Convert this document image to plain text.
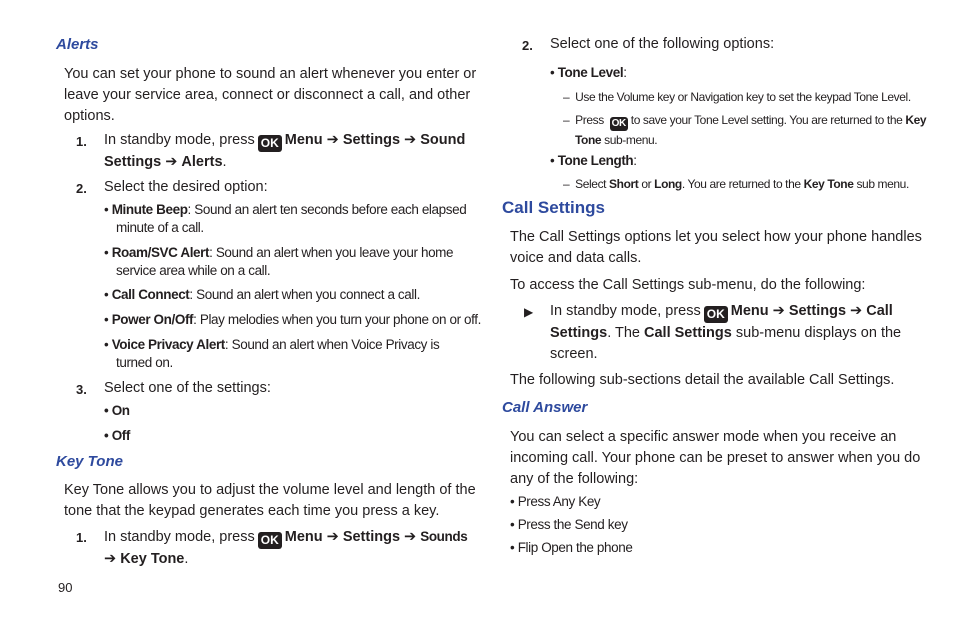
Alerts
You can set your phone to sound an alert whenever you enter or
leave your service area, connect or disconnect a call, and other
options.
1. In standby mode, press OK Menu ➔ Settings ➔ Sound
Settings ➔ Alerts.
2. Select the desired option:
• Minute Beep: Sound an alert ten seconds before each elapsed
minute of a call.
• Roam/SVC Alert: Sound an alert when you leave your home
service area while on a call.
• Call Connect: Sound an alert when you connect a call.
• Power On/Off: Play melodies when you turn your phone on or off.
• Voice Privacy Alert: Sound an alert when Voice Privacy is
turned on.
3. Select one of the settings:
• On
• Off
Key Tone
Key Tone allows you to adjust the volume level and length of the
tone that the keypad generates each time you press a key.
1. In standby mode, press OK Menu ➔ Settings ➔ Sounds
➔ Key Tone.
90
2. Select one of the following options:
• Tone Level:
– Use the Volume key or Navigation key to set the keypad Tone Level.
–  Press OK to save your Tone Level setting. You are returned to the Key
Tone sub-menu.
• Tone Length:
–  Select Short or Long. You are returned to the Key Tone sub menu.
Call Settings
The Call Settings options let you select how your phone handles
voice and data calls.
To access the Call Settings sub-menu, do the following:
▶ In standby mode, press OK Menu ➔ Settings ➔ Call
Settings. The Call Settings sub-menu displays on the
screen.
The following sub-sections detail the available Call Settings.
Call Answer
You can select a specific answer mode when you receive an
incoming call. Your phone can be preset to answer when you do
any of the following:
• Press Any Key
• Press the Send key
• Flip Open the phone
